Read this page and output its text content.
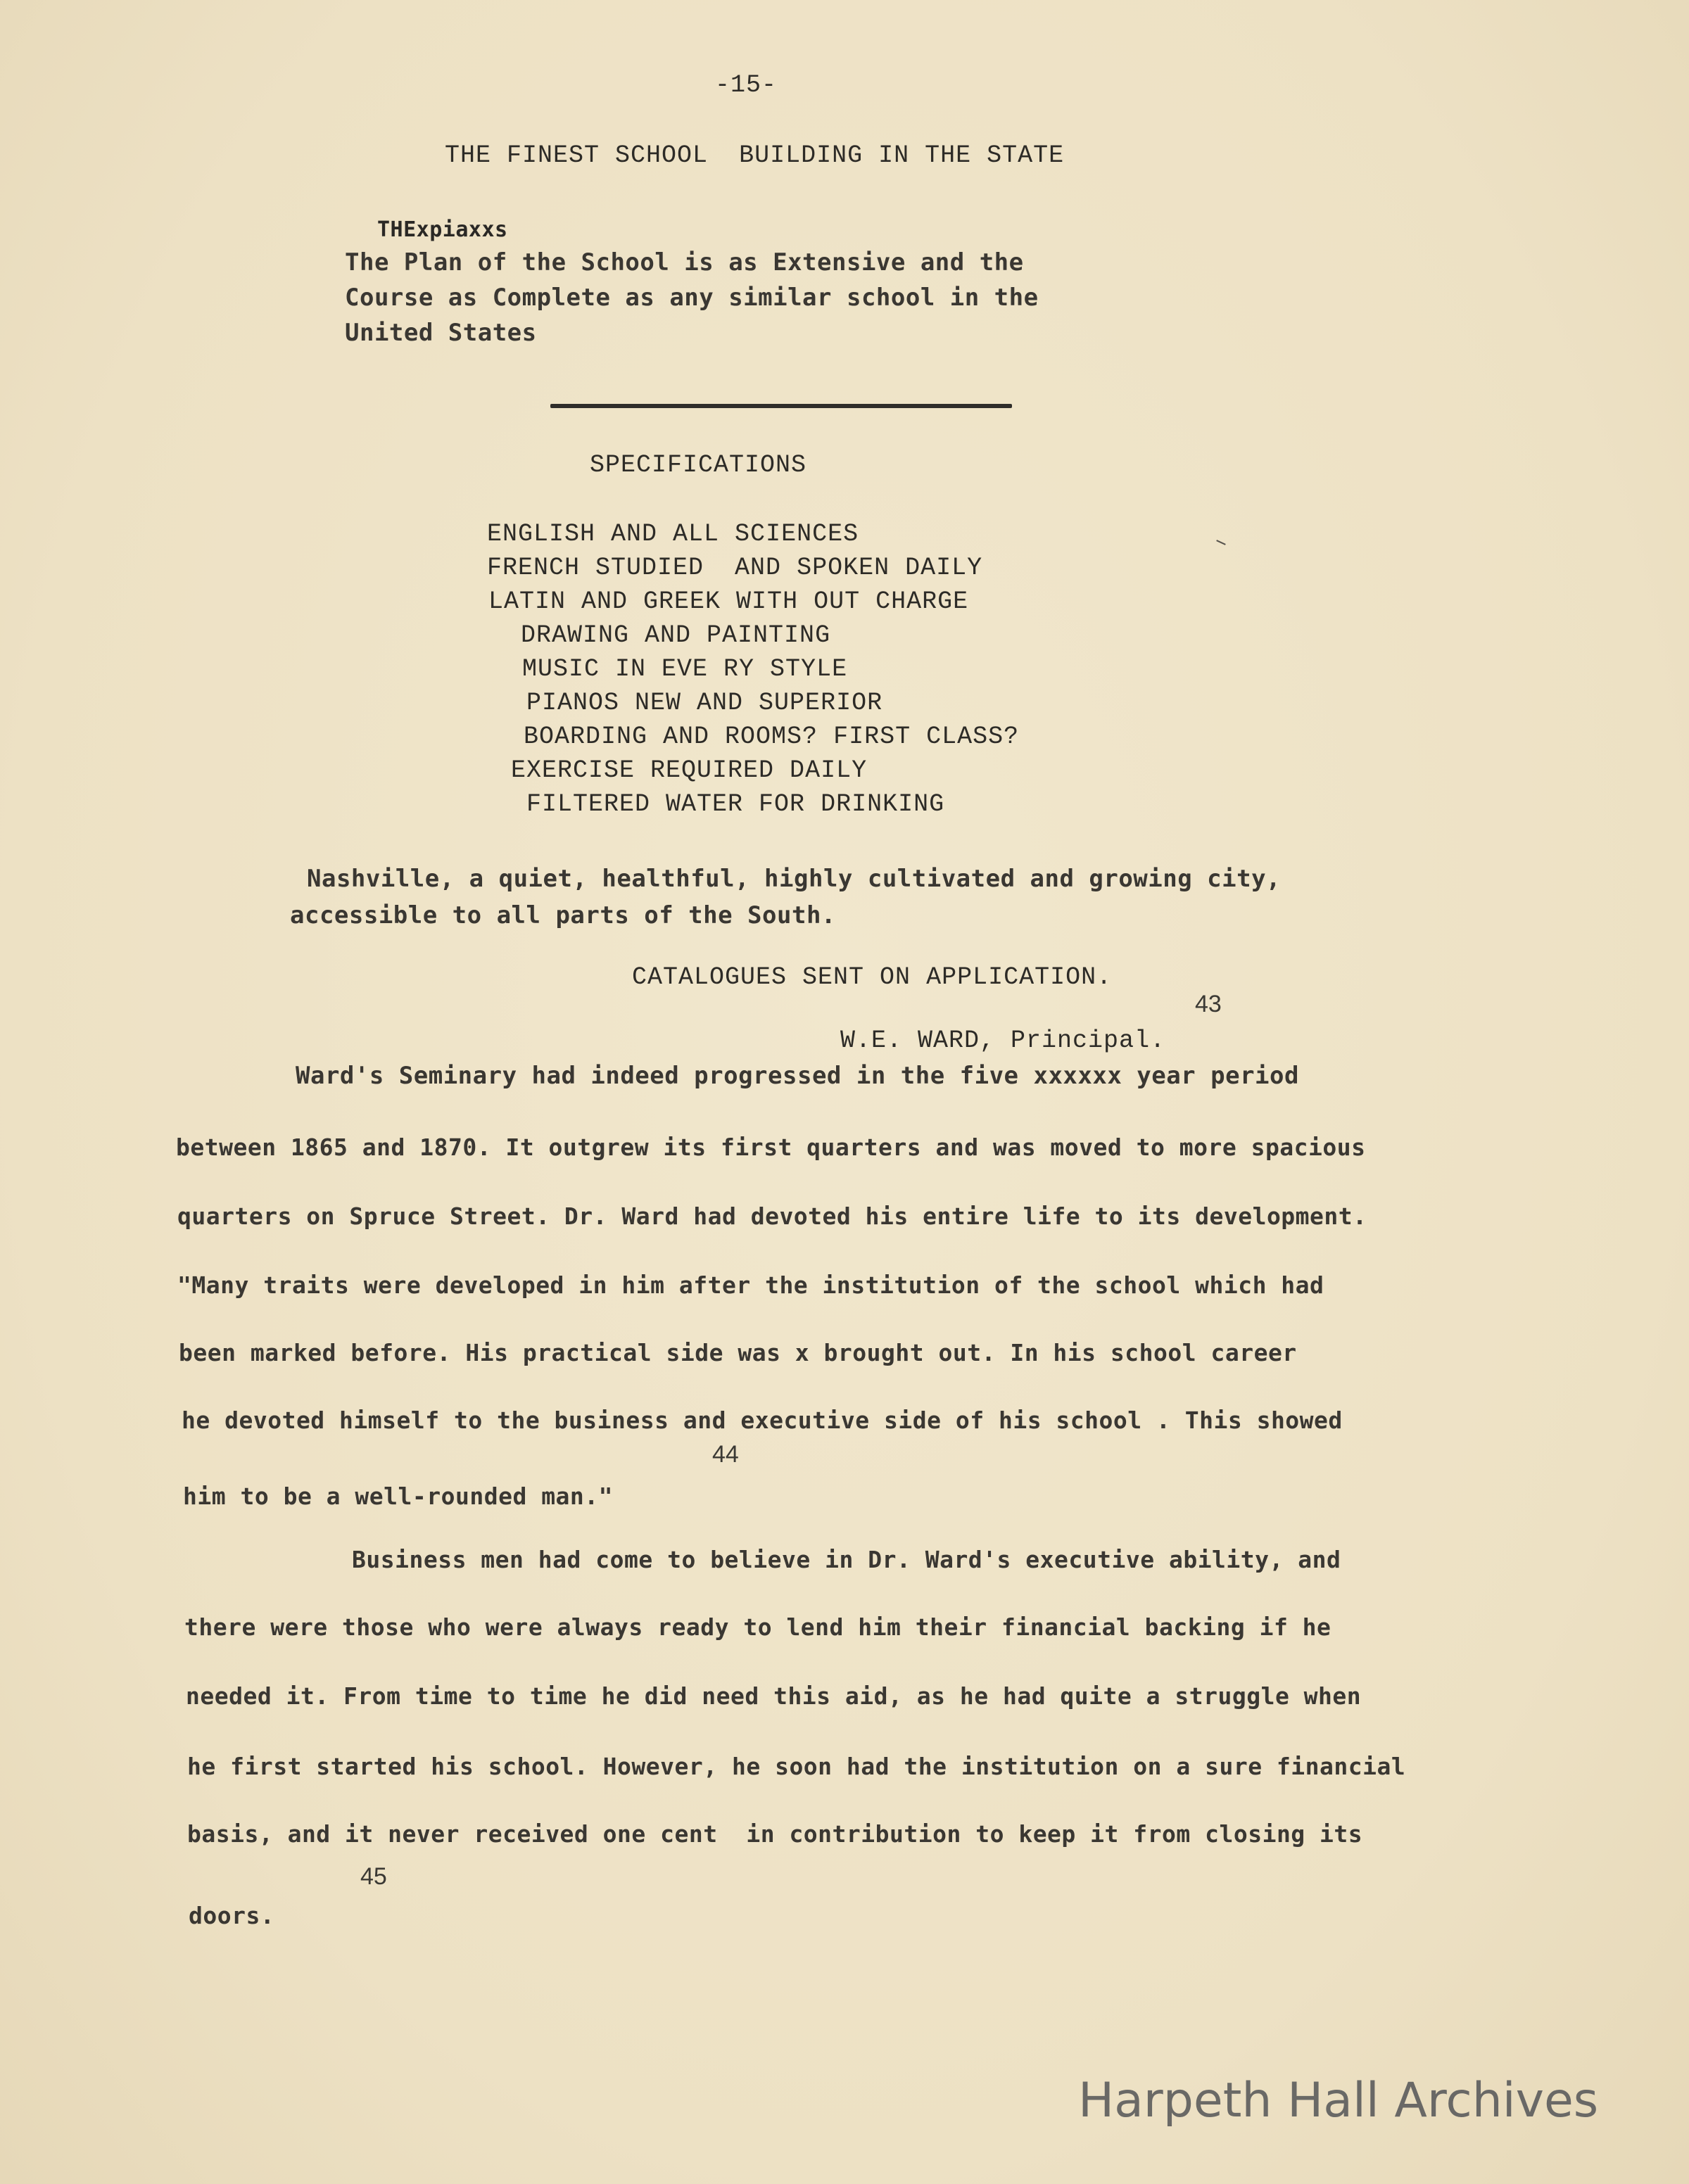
-15-

THE FINEST SCHOOL  BUILDING IN THE STATE

THExpiaxxs

The Plan of the School is as Extensive and the

Course as Complete as any similar school in the

United States

SPECIFICATIONS

ENGLISH AND ALL SCIENCES

FRENCH STUDIED  AND SPOKEN DAILY

LATIN AND GREEK WITH OUT CHARGE

DRAWING AND PAINTING

MUSIC IN EVE RY STYLE

PIANOS NEW AND SUPERIOR

BOARDING AND ROOMS? FIRST CLASS?

EXERCISE REQUIRED DAILY

FILTERED WATER FOR DRINKING

Nashville, a quiet, healthful, highly cultivated and growing city,

accessible to all parts of the South.

CATALOGUES SENT ON APPLICATION.

43

W.E. WARD, Principal.

Ward's Seminary had indeed progressed in the five xxxxxx year period

between 1865 and 1870. It outgrew its first quarters and was moved to more spacious

quarters on Spruce Street. Dr. Ward had devoted his entire life to its development.

"Many traits were developed in him after the institution of the school which had

been marked before. His practical side was x brought out. In his school career

he devoted himself to the business and executive side of his school . This showed

him to be a well-rounded man."

44

Business men had come to believe in Dr. Ward's executive ability, and

there were those who were always ready to lend him their financial backing if he

needed it. From time to time he did need this aid, as he had quite a struggle when

he first started his school. However, he soon had the institution on a sure financial

basis, and it never received one cent  in contribution to keep it from closing its

doors.

45

Harpeth Hall Archives
